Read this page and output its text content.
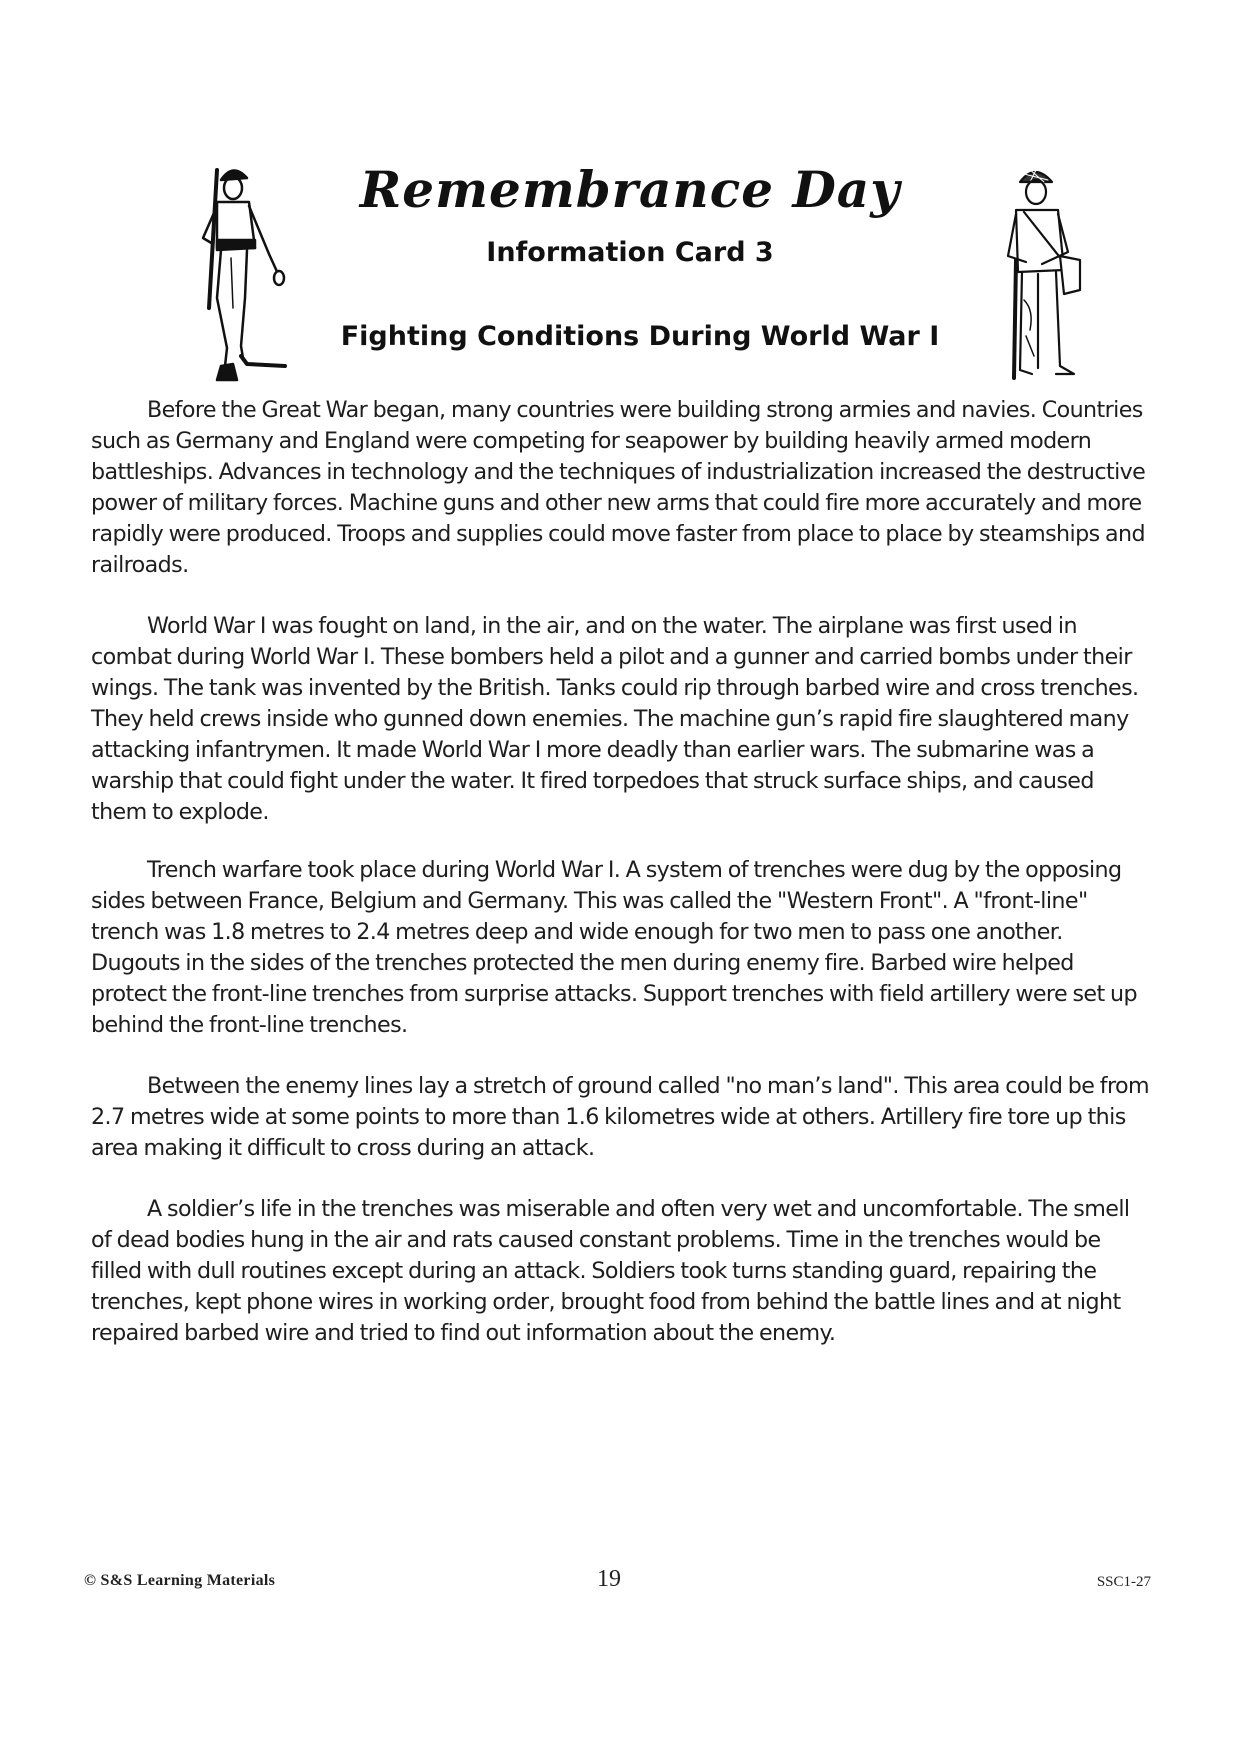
Remembrance Day
Information Card 3
Fighting Conditions During World War I

Before the Great War began, many countries were building strong armies and navies. Countries such as Germany and England were competing for seapower by building heavily armed modern battleships. Advances in technology and the techniques of industrialization increased the destructive power of military forces. Machine guns and other new arms that could fire more accurately and more rapidly were produced. Troops and supplies could move faster from place to place by steamships and railroads.

World War I was fought on land, in the air, and on the water. The airplane was first used in combat during World War I. These bombers held a pilot and a gunner and carried bombs under their wings. The tank was invented by the British. Tanks could rip through barbed wire and cross trenches. They held crews inside who gunned down enemies. The machine gun’s rapid fire slaughtered many attacking infantrymen. It made World War I more deadly than earlier wars. The submarine was a warship that could fight under the water. It fired torpedoes that struck surface ships, and caused them to explode.

Trench warfare took place during World War I. A system of trenches were dug by the opposing sides between France, Belgium and Germany. This was called the "Western Front". A "front-line" trench was 1.8 metres to 2.4 metres deep and wide enough for two men to pass one another. Dugouts in the sides of the trenches protected the men during enemy fire. Barbed wire helped protect the front-line trenches from surprise attacks. Support trenches with field artillery were set up behind the front-line trenches.

Between the enemy lines lay a stretch of ground called "no man’s land". This area could be from 2.7 metres wide at some points to more than 1.6 kilometres wide at others. Artillery fire tore up this area making it difficult to cross during an attack.

A soldier’s life in the trenches was miserable and often very wet and uncomfortable. The smell of dead bodies hung in the air and rats caused constant problems. Time in the trenches would be filled with dull routines except during an attack. Soldiers took turns standing guard, repairing the trenches, kept phone wires in working order, brought food from behind the battle lines and at night repaired barbed wire and tried to find out information about the enemy.

© S&S Learning Materials	19	SSC1-27
